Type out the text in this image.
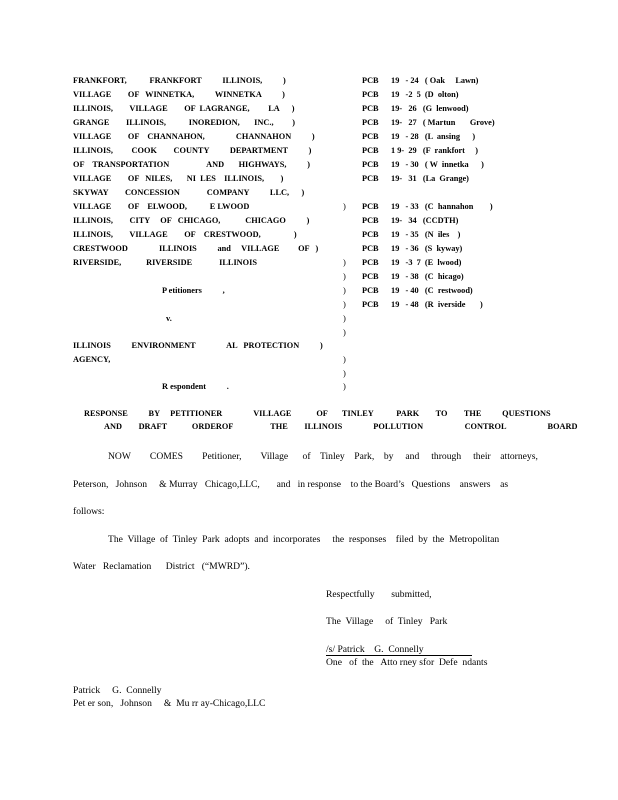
FRANKFORT,           FRANKFORT          ILLINOIS,          )
VILLAGE        OF   WINNETKA,          WINNETKA          )
ILLINOIS,        VILLAGE        OF  LAGRANGE,         LA      )
GRANGE        ILLINOIS,           INOREDION,       INC.,         )
VILLAGE        OF    CHANNAHON,               CHANNAHON          )
ILLINOIS,         COOK        COUNTY          DEPARTMENT          )
OF    TRANSPORTATION                  AND       HIGHWAYS,          )
VILLAGE        OF   NILES,       NI  LES    ILLINOIS,        )
SKYWAY        CONCESSION             COMPANY          LLC,      )
VILLAGE        OF    ELWOOD,           E LWOOD
ILLINOIS,        CITY     OF   CHICAGO,            CHICAGO          )
ILLINOIS,        VILLAGE        OF    CRESTWOOD,                )
CRESTWOOD               ILLINOIS          and     VILLAGE         OF   )
RIVERSIDE,            RIVERSIDE             ILLINOIS
P etitioners          ,
v.
ILLINOIS          ENVIRONMENT               AL   PROTECTION          )
AGENCY,
R espondent          .
)
)
)
)
)
)
)
)
)
)
PCB      19   - 24   ( Oak     Lawn)
PCB      19   -2  5  (D  olton)
PCB      19-   26   (G  lenwood)
PCB      19-   27   ( Martun       Grove)
PCB      19   - 28   (L  ansing      )
PCB      1 9-  29   (F  rankfort     )
PCB      19   - 30   ( W  innetka      )
PCB      19-   31   (La  Grange)
PCB      19   - 33   (C  hannahon        )
PCB      19-   34   (CCDTH)
PCB      19   - 35   (N  iles    )
PCB      19   - 36   (S  kyway)
PCB      19   -3  7  (E  lwood)
PCB      19   - 38   (C  hicago)
PCB      19   - 40   (C  restwood)
PCB      19   - 48   (R  iverside       )
RESPONSE          BY     PETITIONER               VILLAGE            OF       TINLEY           PARK        TO        THE          QUESTIONS
AND        DRAFT            ORDEROF                  THE        ILLINOIS               POLLUTION                    CONTROL                    BOARD
NOW        COMES        Petitioner,        Village      of    Tinley    Park,    by     and     through     their    attorneys,
Peterson,   Johnson     & Murray   Chicago,LLC,       and   in response    to the Board’s   Questions    answers    as
follows:
The  Village  of  Tinley  Park  adopts  and  incorporates     the  responses    filed  by  the  Metropolitan
Water   Reclamation      District   (“MWRD”).
Respectfully       submitted,
The  Village     of  Tinley   Park
/s/ Patrick    G.  Connelly
One   of  the   Atto rney sfor  Defe  ndants
Patrick     G.  Connelly
Pet er son,   Johnson     &  Mu rr ay-Chicago,LLC
